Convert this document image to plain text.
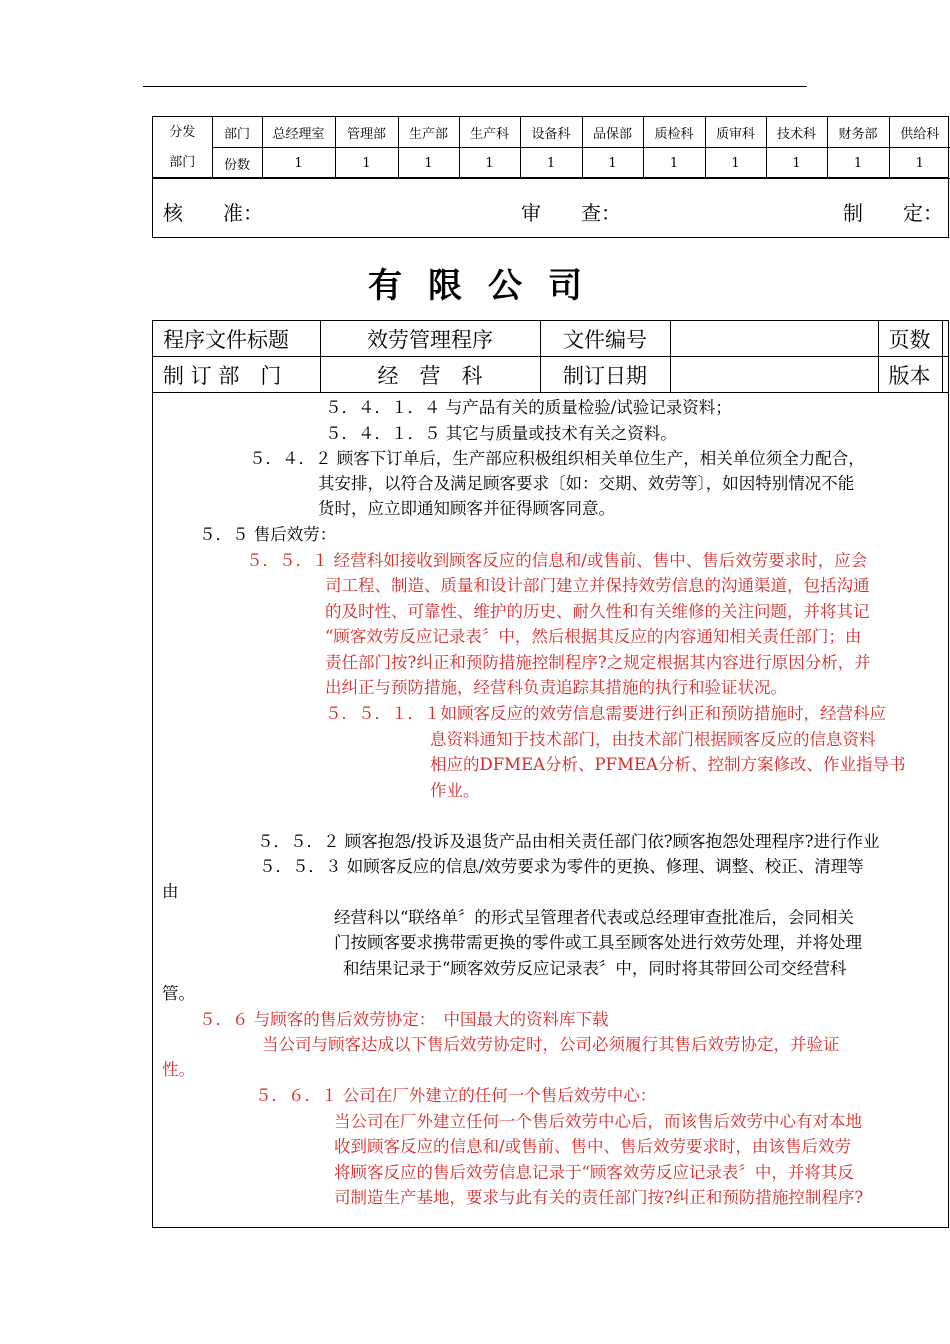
分发
部门	部门	总经理室	管理部	生产部	生产科	设备科	品保部	质检科	质审科	技术科	财务部	供给科
	份数	1	1	1	1	1	1	1	1	1	1	1
核　　准：	审　　查：	制　　定：
有限公司
程序文件标题	效劳管理程序	文件编号		页数	
制 订 部　门	经　营　科	制订日期		版本	
５．４．１．４ 与产品有关的质量检验/试验记录资料；
５．４．１．５ 其它与质量或技术有关之资料。
５．４．２ 顾客下订单后，生产部应积极组织相关单位生产，相关单位须全力配合，
其安排，以符合及满足顾客要求〔如：交期、效劳等〕，如因特别情况不能
货时，应立即通知顾客并征得顾客同意。
５．５ 售后效劳：
５．５．１ 经营科如接收到顾客反应的信息和/或售前、售中、售后效劳要求时，应会
司工程、制造、质量和设计部门建立并保持效劳信息的沟通渠道，包括沟通
的及时性、可靠性、维护的历史、耐久性和有关维修的关注问题，并将其记
“顾客效劳反应记录表〞中，然后根据其反应的内容通知相关责任部门；由
责任部门按?纠正和预防措施控制程序?之规定根据其内容进行原因分析，并
出纠正与预防措施，经营科负责追踪其措施的执行和验证状况。
５．５．１．１如顾客反应的效劳信息需要进行纠正和预防措施时，经营科应
息资料通知于技术部门，由技术部门根据顾客反应的信息资料
相应的DFMEA分析、PFMEA分析、控制方案修改、作业指导书
作业。
５．５．２ 顾客抱怨/投诉及退货产品由相关责任部门依?顾客抱怨处理程序?进行作业
５．５．３ 如顾客反应的信息/效劳要求为零件的更换、修理、调整、校正、清理等
由
经营科以“联络单〞的形式呈管理者代表或总经理审查批准后，会同相关
门按顾客要求携带需更换的零件或工具至顾客处进行效劳处理，并将处理
和结果记录于“顾客效劳反应记录表〞中，同时将其带回公司交经营科
管。
５．６ 与顾客的售后效劳协定：　中国最大的资料库下载
当公司与顾客达成以下售后效劳协定时，公司必须履行其售后效劳协定，并验证
性。
５．６．１ 公司在厂外建立的任何一个售后效劳中心：
当公司在厂外建立任何一个售后效劳中心后，而该售后效劳中心有对本地
收到顾客反应的信息和/或售前、售中、售后效劳要求时，由该售后效劳
将顾客反应的售后效劳信息记录于“顾客效劳反应记录表〞中，并将其反
司制造生产基地，要求与此有关的责任部门按?纠正和预防措施控制程序?
